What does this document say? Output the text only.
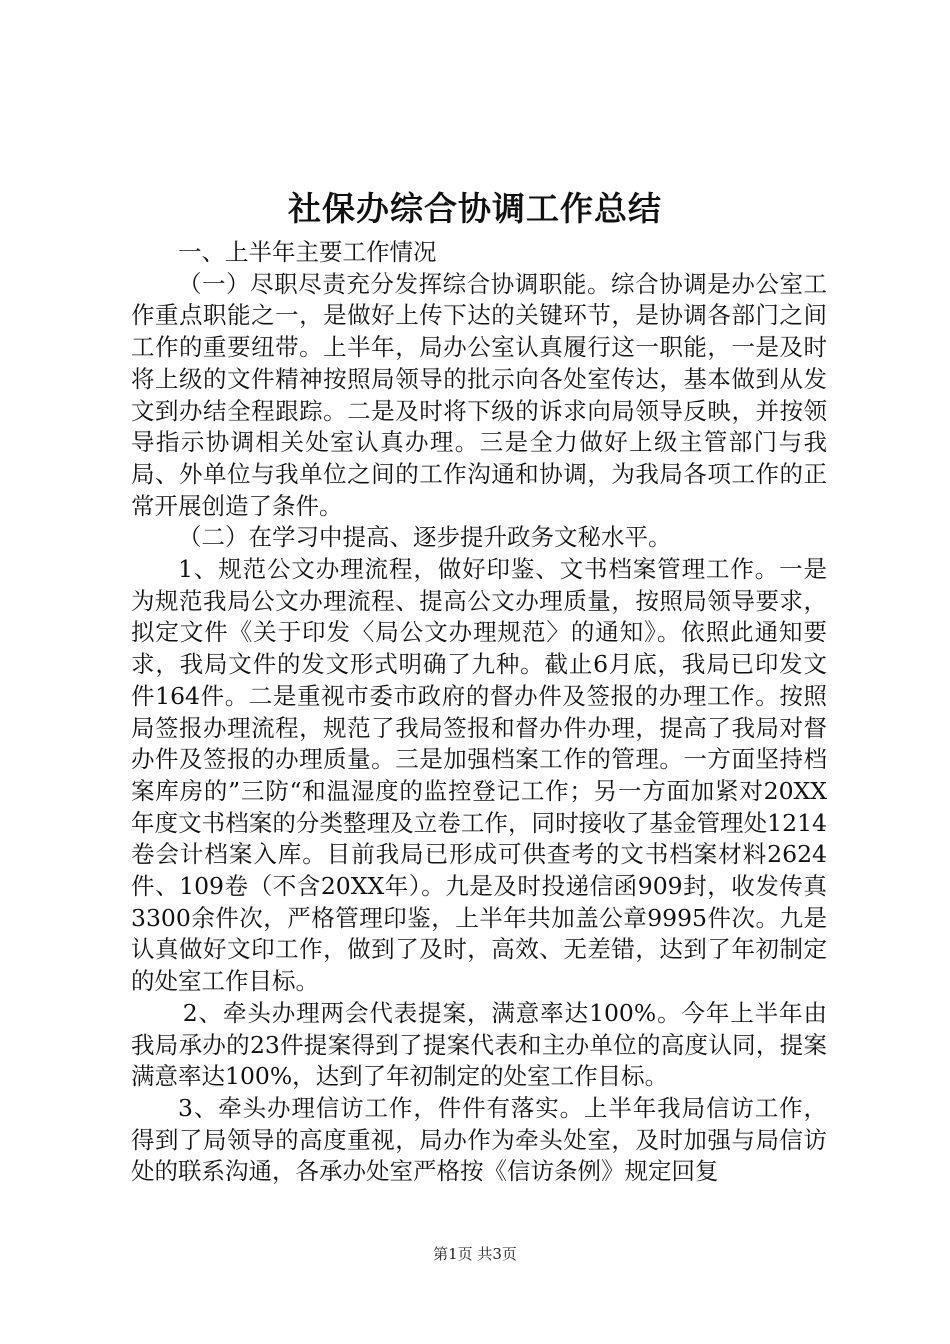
社保办综合协调工作总结

一、上半年主要工作情况

（一）尽职尽责充分发挥综合协调职能。综合协调是办公室工作重点职能之一，是做好上传下达的关键环节，是协调各部门之间工作的重要纽带。上半年，局办公室认真履行这一职能，一是及时将上级的文件精神按照局领导的批示向各处室传达，基本做到从发文到办结全程跟踪。二是及时将下级的诉求向局领导反映，并按领导指示协调相关处室认真办理。三是全力做好上级主管部门与我局、外单位与我单位之间的工作沟通和协调，为我局各项工作的正常开展创造了条件。

（二）在学习中提高、逐步提升政务文秘水平。

1、规范公文办理流程，做好印鉴、文书档案管理工作。一是为规范我局公文办理流程、提高公文办理质量，按照局领导要求，拟定文件《关于印发〈局公文办理规范〉的通知》。依照此通知要求，我局文件的发文形式明确了九种。截止6月底，我局已印发文件164件。二是重视市委市政府的督办件及签报的办理工作。按照局签报办理流程，规范了我局签报和督办件办理，提高了我局对督办件及签报的办理质量。三是加强档案工作的管理。一方面坚持档案库房的”三防“和温湿度的监控登记工作；另一方面加紧对20XX年度文书档案的分类整理及立卷工作，同时接收了基金管理处1214卷会计档案入库。目前我局已形成可供查考的文书档案材料2624件、109卷（不含20XX年）。九是及时投递信函909封，收发传真3300余件次，严格管理印鉴，上半年共加盖公章9995件次。九是认真做好文印工作，做到了及时，高效、无差错，达到了年初制定的处室工作目标。

2、牵头办理两会代表提案，满意率达100%。今年上半年由我局承办的23件提案得到了提案代表和主办单位的高度认同，提案满意率达100%，达到了年初制定的处室工作目标。

3、牵头办理信访工作，件件有落实。上半年我局信访工作，得到了局领导的高度重视，局办作为牵头处室，及时加强与局信访处的联系沟通，各承办处室严格按《信访条例》规定回复

第1页 共3页
